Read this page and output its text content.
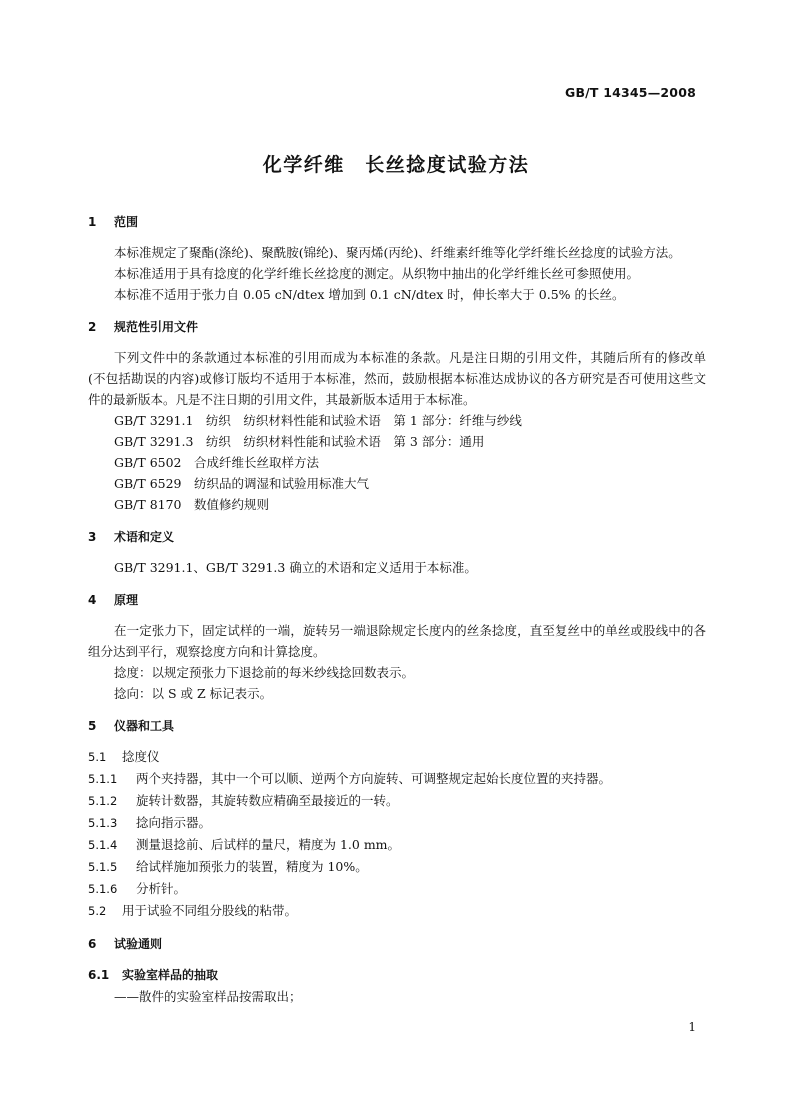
GB/T 14345—2008
化学纤维　长丝捻度试验方法
1 范围
本标准规定了聚酯(涤纶)、聚酰胺(锦纶)、聚丙烯(丙纶)、纤维素纤维等化学纤维长丝捻度的试验方法。
本标准适用于具有捻度的化学纤维长丝捻度的测定。从织物中抽出的化学纤维长丝可参照使用。
本标准不适用于张力自 0.05 cN/dtex 增加到 0.1 cN/dtex 时，伸长率大于 0.5% 的长丝。
2 规范性引用文件
下列文件中的条款通过本标准的引用而成为本标准的条款。凡是注日期的引用文件，其随后所有的修改单(不包括勘误的内容)或修订版均不适用于本标准，然而，鼓励根据本标准达成协议的各方研究是否可使用这些文件的最新版本。凡是不注日期的引用文件，其最新版本适用于本标准。
GB/T 3291.1　纺织　纺织材料性能和试验术语　第 1 部分：纤维与纱线
GB/T 3291.3　纺织　纺织材料性能和试验术语　第 3 部分：通用
GB/T 6502　合成纤维长丝取样方法
GB/T 6529　纺织品的调湿和试验用标准大气
GB/T 8170　数值修约规则
3 术语和定义
GB/T 3291.1、GB/T 3291.3 确立的术语和定义适用于本标准。
4 原理
在一定张力下，固定试样的一端，旋转另一端退除规定长度内的丝条捻度，直至复丝中的单丝或股线中的各组分达到平行，观察捻度方向和计算捻度。
捻度：以规定预张力下退捻前的每米纱线捻回数表示。
捻向：以 S 或 Z 标记表示。
5 仪器和工具
5.1 捻度仪
5.1.1 两个夹持器，其中一个可以顺、逆两个方向旋转、可调整规定起始长度位置的夹持器。
5.1.2 旋转计数器，其旋转数应精确至最接近的一转。
5.1.3 捻向指示器。
5.1.4 测量退捻前、后试样的量尺，精度为 1.0 mm。
5.1.5 给试样施加预张力的装置，精度为 10%。
5.1.6 分析针。
5.2 用于试验不同组分股线的粘带。
6 试验通则
6.1 实验室样品的抽取
——散件的实验室样品按需取出；
1
